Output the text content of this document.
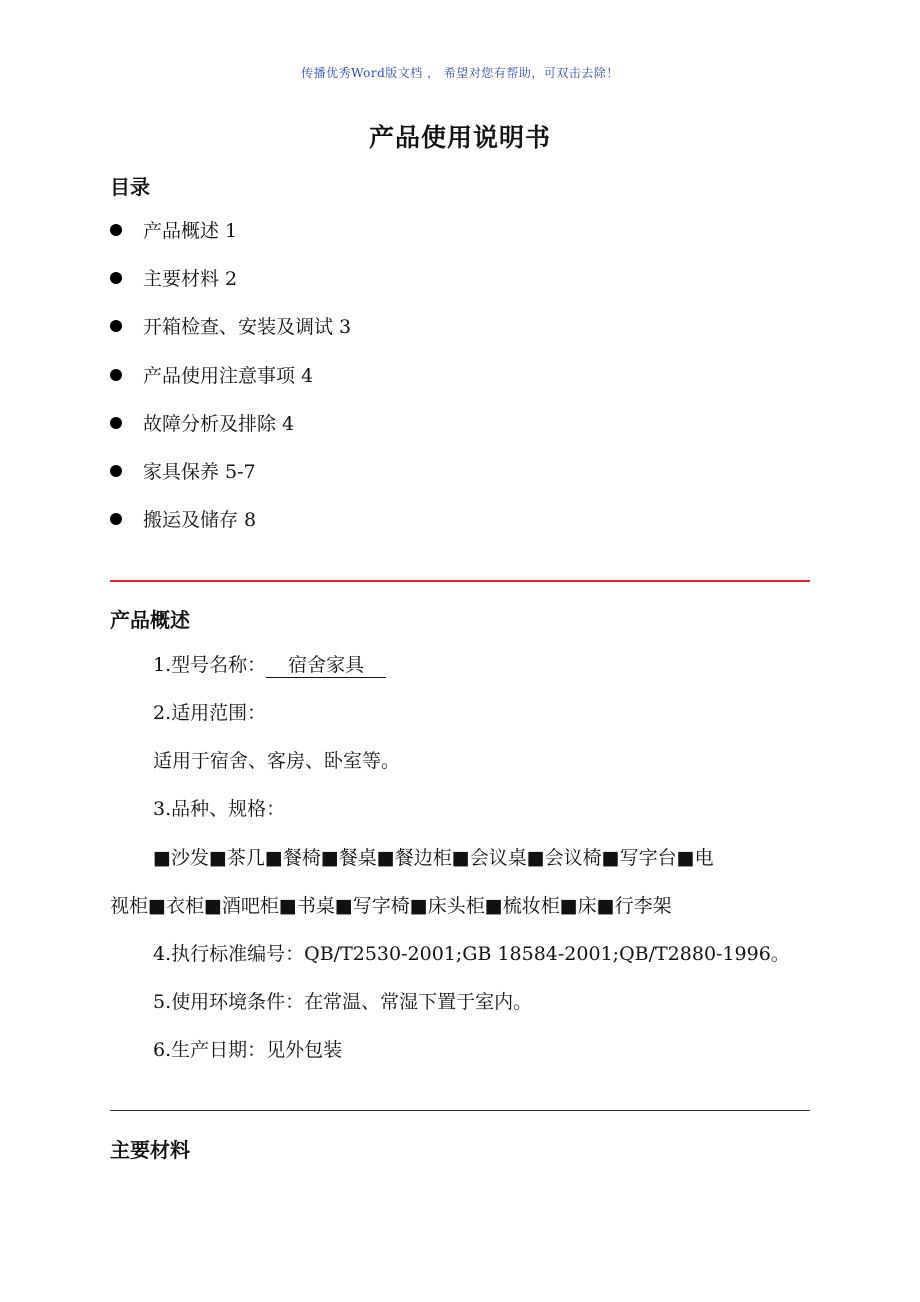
传播优秀Word版文档 ， 希望对您有帮助，可双击去除！
产品使用说明书
目录
产品概述 1
主要材料 2
开箱检查、安装及调试 3
产品使用注意事项 4
故障分析及排除 4
家具保养 5-7
搬运及储存 8
产品概述
1.型号名称： 宿舍家具
2.适用范围：
适用于宿舍、客房、卧室等。
3.品种、规格：
■沙发■茶几■餐椅■餐桌■餐边柜■会议桌■会议椅■写字台■电
视柜■衣柜■酒吧柜■书桌■写字椅■床头柜■梳妆柜■床■行李架
4.执行标准编号：QB/T2530-2001;GB 18584-2001;QB/T2880-1996。
5.使用环境条件：在常温、常湿下置于室内。
6.生产日期：见外包装
主要材料
